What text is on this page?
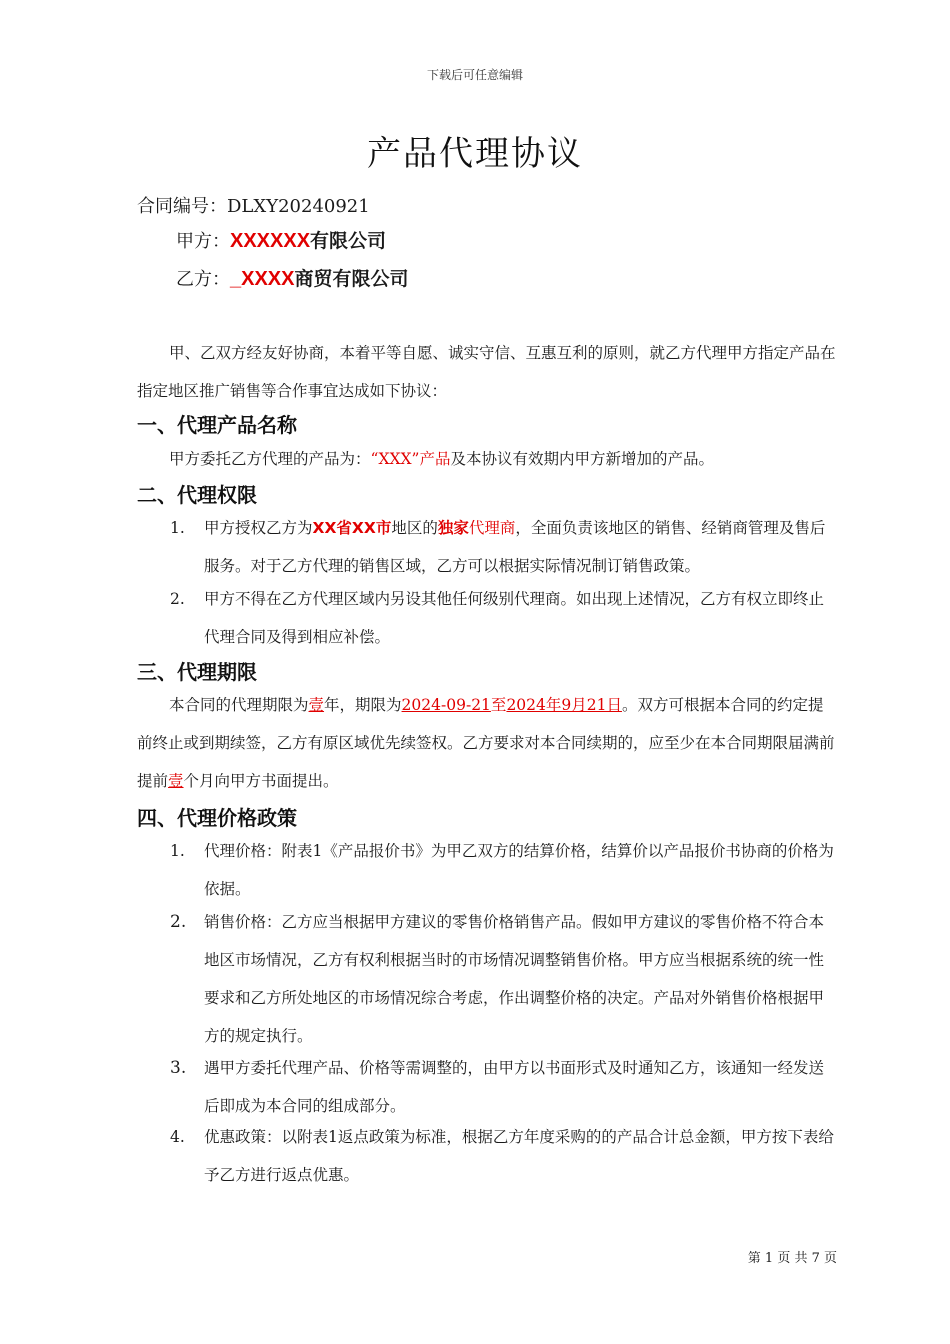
下载后可任意编辑
产品代理协议
合同编号：DLXY20240921
甲方：XXXXXX有限公司
乙方：_XXXX商贸有限公司
甲、乙双方经友好协商，本着平等自愿、诚实守信、互惠互利的原则，就乙方代理甲方指定产品在指定地区推广销售等合作事宜达成如下协议：
一、代理产品名称
甲方委托乙方代理的产品为：“XXX”产品及本协议有效期内甲方新增加的产品。
二、代理权限
1.	甲方授权乙方为XX省XX市地区的独家代理商，全面负责该地区的销售、经销商管理及售后服务。对于乙方代理的销售区域，乙方可以根据实际情况制订销售政策。
2.	甲方不得在乙方代理区域内另设其他任何级别代理商。如出现上述情况，乙方有权立即终止代理合同及得到相应补偿。
三、代理期限
本合同的代理期限为壹年，期限为2024-09-21至2024年9月21日。双方可根据本合同的约定提前终止或到期续签，乙方有原区域优先续签权。乙方要求对本合同续期的，应至少在本合同期限届满前提前壹个月向甲方书面提出。
四、代理价格政策
1.	代理价格：附表1《产品报价书》为甲乙双方的结算价格，结算价以产品报价书协商的价格为依据。
2.	销售价格：乙方应当根据甲方建议的零售价格销售产品。假如甲方建议的零售价格不符合本地区市场情况，乙方有权利根据当时的市场情况调整销售价格。甲方应当根据系统的统一性要求和乙方所处地区的市场情况综合考虑，作出调整价格的决定。产品对外销售价格根据甲方的规定执行。
3.	遇甲方委托代理产品、价格等需调整的，由甲方以书面形式及时通知乙方，该通知一经发送后即成为本合同的组成部分。
4.	优惠政策：以附表1返点政策为标准，根据乙方年度采购的的产品合计总金额，甲方按下表给予乙方进行返点优惠。
第 1 页 共 7 页
